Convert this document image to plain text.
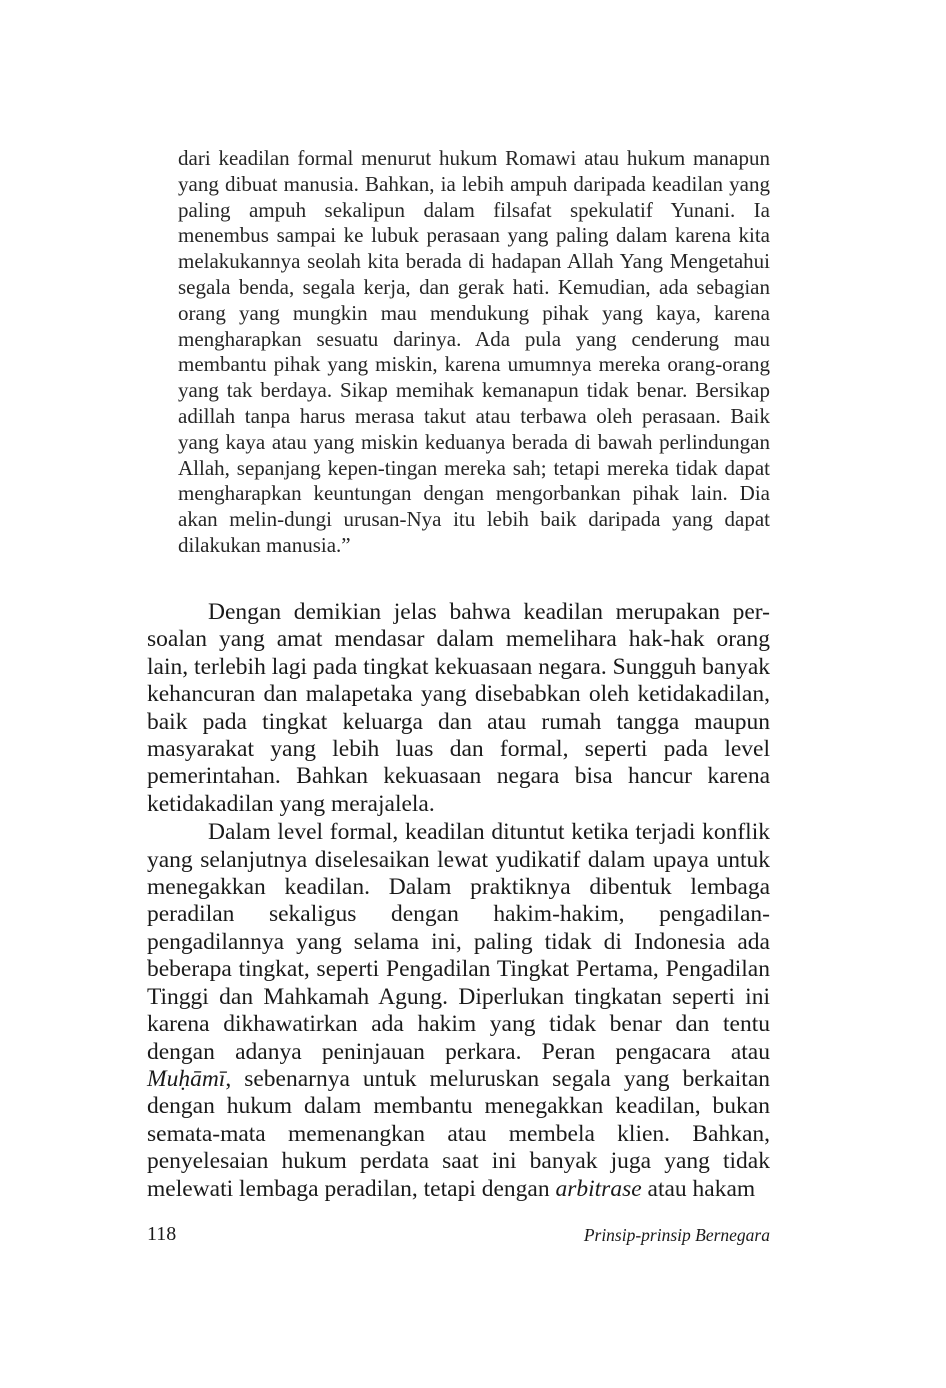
dari keadilan formal menurut hukum Romawi atau hukum manapun yang dibuat manusia. Bahkan, ia lebih ampuh daripada keadilan yang paling ampuh sekalipun dalam filsafat spekulatif Yunani. Ia menembus sampai ke lubuk perasaan yang paling dalam karena kita melakukannya seolah kita berada di hadapan Allah Yang Mengetahui segala benda, segala kerja, dan gerak hati. Kemudian, ada sebagian orang yang mungkin mau mendukung pihak yang kaya, karena mengharapkan sesuatu darinya. Ada pula yang cenderung mau membantu pihak yang miskin, karena umumnya mereka orang-orang yang tak berdaya. Sikap memihak kemanapun tidak benar. Bersikap adillah tanpa harus merasa takut atau terbawa oleh perasaan. Baik yang kaya atau yang miskin keduanya berada di bawah perlindungan Allah, sepanjang kepen-tingan mereka sah; tetapi mereka tidak dapat mengharapkan keuntungan dengan mengorbankan pihak lain. Dia akan melin-dungi urusan-Nya itu lebih baik daripada yang dapat dilakukan manusia.”

Dengan demikian jelas bahwa keadilan merupakan per-soalan yang amat mendasar dalam memelihara hak-hak orang lain, terlebih lagi pada tingkat kekuasaan negara. Sungguh banyak kehancuran dan malapetaka yang disebabkan oleh ketidakadilan, baik pada tingkat keluarga dan atau rumah tangga maupun masyarakat yang lebih luas dan formal, seperti pada level pemerintahan. Bahkan kekuasaan negara bisa hancur karena ketidakadilan yang merajalela.

Dalam level formal, keadilan dituntut ketika terjadi konflik yang selanjutnya diselesaikan lewat yudikatif dalam upaya untuk menegakkan keadilan. Dalam praktiknya dibentuk lembaga peradilan sekaligus dengan hakim-hakim, pengadilan-pengadilannya yang selama ini, paling tidak di Indonesia ada beberapa tingkat, seperti Pengadilan Tingkat Pertama, Pengadilan Tinggi dan Mahkamah Agung. Diperlukan tingkatan seperti ini karena dikhawatirkan ada hakim yang tidak benar dan tentu dengan adanya peninjauan perkara. Peran pengacara atau Muḥāmī, sebenarnya untuk meluruskan segala yang berkaitan dengan hukum dalam membantu menegakkan keadilan, bukan semata-mata memenangkan atau membela klien. Bahkan, penyelesaian hukum perdata saat ini banyak juga yang tidak melewati lembaga peradilan, tetapi dengan arbitrase atau hakam

118	Prinsip-prinsip Bernegara
